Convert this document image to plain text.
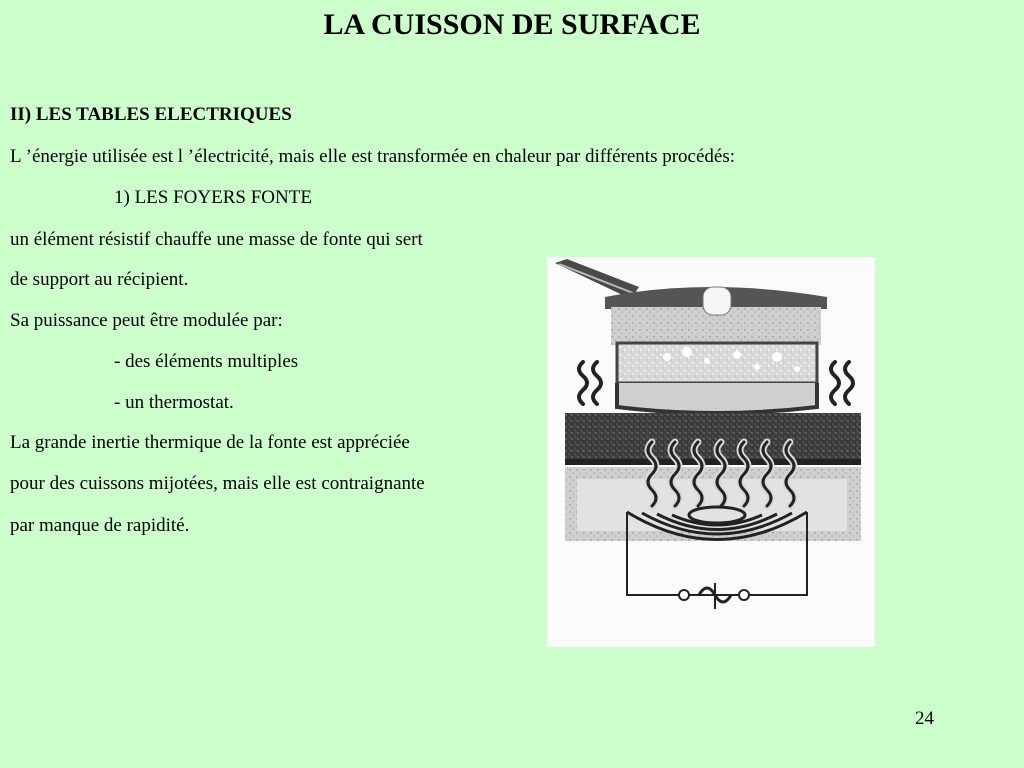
LA CUISSON DE SURFACE
II) LES TABLES ELECTRIQUES
L ’énergie utilisée est l ’électricité, mais elle est transformée en chaleur par différents procédés:
1) LES FOYERS FONTE
un élément résistif chauffe une masse de fonte qui sert
de support au récipient.
Sa puissance peut être modulée par:
- des éléments multiples
- un thermostat.
La grande inertie thermique de la fonte est appréciée
pour des cuissons mijotées, mais elle est contraignante
par manque de rapidité.
24
